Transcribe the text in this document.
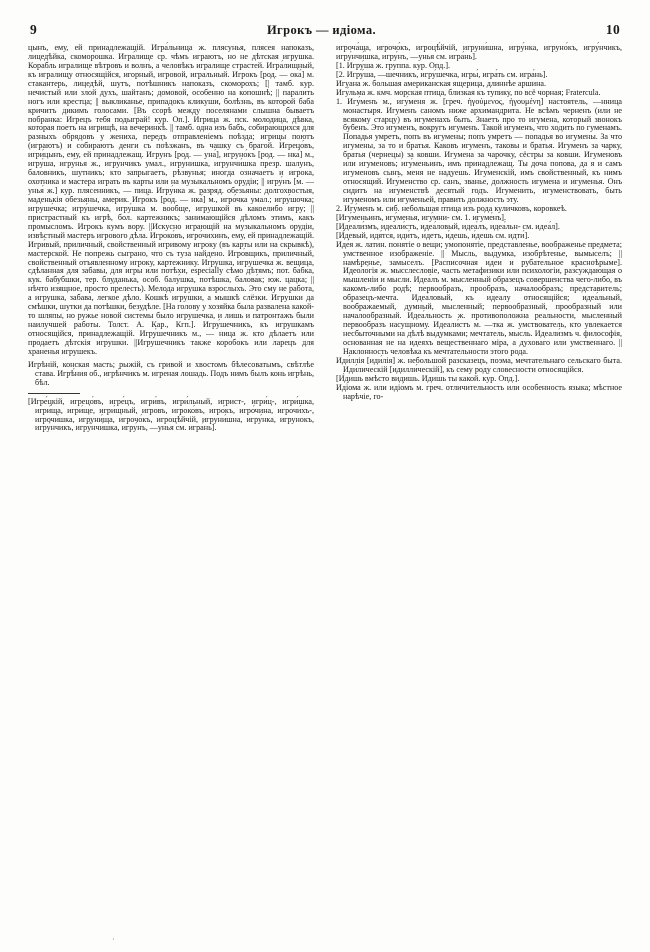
9	Игрокъ — идіома.	10

цынъ, ему, ей принадлежащій. Игра́льница ж. плясунья, плясея напоказъ, лицедѣйка, скоморошка. Игра́лище ср. чѣмъ играютъ, но не дѣтская игрушка. Корабль игралище вѣтровъ и волнъ, а человѣкъ игралище страстей. Игра́лищный, къ игралищу относящійся, игорный, игровой, игральный. Игрокъ [род. — ока́] м. стакантерь, лицедѣй, шутъ, потѣшникъ напоказъ, скоморохъ; [| тамб. кур. нечистый или злой духъ, шайтанъ; домовой, особенно на копошнѣ; || паралить ногъ или крестца; || выкликанье, припадокъ кликуши, болѣзнь, въ которой баба кричитъ дикимъ голосами. [Въ ссорѣ между поселянами слышна бываетъ побранка: Игрецъ тебя подыграй! кур. Оп.]. Игрица ж. пск. молодица, дѣвка, которая поетъ на игрищѣ, на вечеринкѣ. || тамб. одна изъ бабъ, собирающихся для разныхъ обрядовъ у жениха, передъ отправленіемъ поѣзда; игрицы поютъ (играютъ) и собираютъ денги съ поѣзжанъ, въ чашку съ брагой. Игрецо́въ, игри́цынъ, ему, ей принадлежащ. Игрунъ [род. — уна́], игруно́къ [род. — нка́] м., игру́ша, игру́нья ж., игру́нчикъ умал., игру́нишка, игрунчи́шка презр. шалунъ, баловникъ, шутникъ; кто запрыгаетъ, рѣзвунья; иногда означаетъ и игрока, охотника и мастера играть въ карты или на музыкальномъ орудіи; || игру́нъ [м. — унья́ ж.] кур. плясенникъ, — пица. Игру́нка ж. разряд. обезьяны: долгохвостыя, маденькія обезьяны, америк. Игро́къ [род. — нка́] м., игро́чка умал.; игру́шочка; игруше́чка; игру́шечка, игру́шка м. вообще, игрушкой въ какоелибо игру; || пристрастный къ игрѣ, бол. картежникъ; занимающійся дѣломъ этимъ, какъ промысломъ. Игрокъ кумъ вору. ||Искусно играющій на музыкальномъ орудіи, извѣстный мастеръ игрового дѣла. Игроко́въ, игро́чихинъ, ему, ей принадлежащій. Игри́вый, приличный, свойственный игривому игроку (въ карты или на скрывкѣ), мастерской. Не попрежь сыграно, что съ туза найдено. Игро́вщикъ, приличный, свойственный отъявленному игроку, картежнику. Игрушка, игрушечка ж. вещица, сдѣланная для забавы, для игры или потѣхи, especially сѣмо дѣтямъ; пот. бабка, кук. бабубшки, тер. блуданька, особ. балу́шка, потѣшка, балова́к; юж. цацка; ||нѣчто изящное, просто прелесть). Мелода игрушка взрослыхъ. Это сму не работа, а игрушка, забава, легкое дѣло. Кошкѣ игрушки, а мышкѣ слёзки. Игрушки да смѣшки, шутки да потѣшки, безудѣле. [На голову у хозяйка была развалена какой-то шляпы, но ружье новой системы было игрушечка, и лишь и патронтажъ были наилучшей работы. Толст. А. Кар., Кгп.]. Игру́шечникъ, къ игрушкамъ относящійся, принадлежащій. Игру́шечникъ м., — ница ж. кто дѣлаетъ или продаетъ дѣтскія игрушки. ||Игру́шечникъ также коробокъ или ларецъ для храненья игрушекъ.

Игрѣній, конская масть; рыжій, съ гривой и хвостомъ бѣлесоватымъ, свѣтлѣе става. Игрѣ́ния об., игрѣ́нчикъ м. игреная лошадь. Подъ нимъ былъ конь игрѣнь, бѣл.

[Игре́цкій, игрецо́въ, игре́цъ, игри́въ, игри́льный, игрист-, игри́ц-, игри́шка, игри́ща, игри́ще, игри́щный, игровъ, игроко́въ, игро́къ, игро́чина, игрочи́хъ-, игрочи́шка, игруни́ща, игрочо́къ, игроцѣ́йчій, игруни́шна, игру́нка, игрунокъ, игру́нчикъ, игру́нчи́шка, игру́нъ, —унья см. игра́нь].

игроча́ща, игрочо́къ, игроцѣ́йчій, игруни́шна, игру́нка, игруно́къ, игру́нчикъ, игру́нчи́шка, игру́нъ, —унья см. игра́нь].

[1. Игру́ша ж. группа. кур. Опд.].

[2. Игру́ша, —шечникъ, игру́шечка, игры́, игра́ть см. игра́нь].

Игуана ж. большая американская ящерица, длиннѣе аршина.

Игу́льма ж. кмч. морская птица, близкая къ тупику, по всё чорная; Fratercula.

1. Игу́менъ м., игу́меня ж. [греч. ἡγούμενος, ἡγουμένη] настоятель, —нница монастыря. Игуменъ саномъ ниже архимандрита. Не всѣмъ черненъ (или не всякому старцу) въ игуменахъ быть. Знаетъ про то игумена, который звонокъ бубенъ. Это игуменъ, вокругъ игуменъ. Такой игуменъ, что ходить по гуменамъ. Попадья умретъ, попъ въ игумены; попъ умретъ — попадья во игумены. За что игумены, за то и братья. Каковъ игуменъ, таковы и братья. Игуменъ за чарку, братья (чернецы) за ковши. Игумена за чарочку, сёстры за ковши. Игуменовъ или игуменовъ; игу́меньинъ, имъ принадлежащ. Ты доча попова, да я и самъ игуменовъ сынъ, меня не надуешь. Игу́менскій, имъ свойственный, къ нимъ относящий. Игу́менство ср. санъ, званье, должность игумена и игуменья. Онъ сидитъ на игуменствѣ десятый годъ. Игуменить, игуменствовать, быть игуменомъ или игуменьей, править должность эту.

2. Игу́менъ м. сиб. небольшая птица изъ рода куличковъ, коровкеѣ.

[Игу́меньинъ, игу́менья, игу́мни- см. 1. игуме́нъ].

[Идеали́змъ, идеали́стъ, идеа́ловый, идеа́лъ, идеа́льн- см. идеа́л].

[И́девый, идя́тся, иди́тъ, и́детъ, и́дешь, и́дешь см. идти́].

Иде́я ж. латин. понятіе о вещи; умопонятіе, представленье, воображенье предмета; умственное изображеніе. || Мысль, выдумка, изобрѣтенье, вымыселъ; || намѣренье, замыселъ. [Расписочная идеи и рубательное красноѣрыме]. Идеоло́гія ж. мысслесловіе, часть метафизики или психологіи, разсуждающая о мышленіи и мысли. Идеа́лъ м. мысленный образецъ совершенства чего-либо, въ какомъ-либо родѣ; первообразъ, прообразъ, началообразъ; представитель; образецъ-мечта. Идеа́ловый, къ идеалу относящійся; идеа́льный, воображаемый, думный, мысленный; первообразный, прообразный или началообразный. Идеа́льность ж. противоположна реальности, мысленный первообразъ насущному. Идеали́стъ м. —тка ж. умствователь, кто увлекается несбыточными на дѣлѣ выдумками; мечтатель, мысль. Идеали́змъ ч. философія, основанная не на идеяхъ вещественнаго міра, а духоваго или умственнаго. || Наклонность человѣка къ мечтательности этого рода.

Иди́ллія [иди́лія] ж. небольшой разсказецъ, поэма, мечтательнаго сельскаго быта. Иди́лическій [идилли́ческій], къ сему роду словесности относящійся.

[И́дишь вмѣсто видишь. Идишь ты какой. кур. Опд.].

Иді́ома ж. или идіо́мъ м. греч. отличительность или особенность языка; мѣстное нарѣчіе, го-

·
